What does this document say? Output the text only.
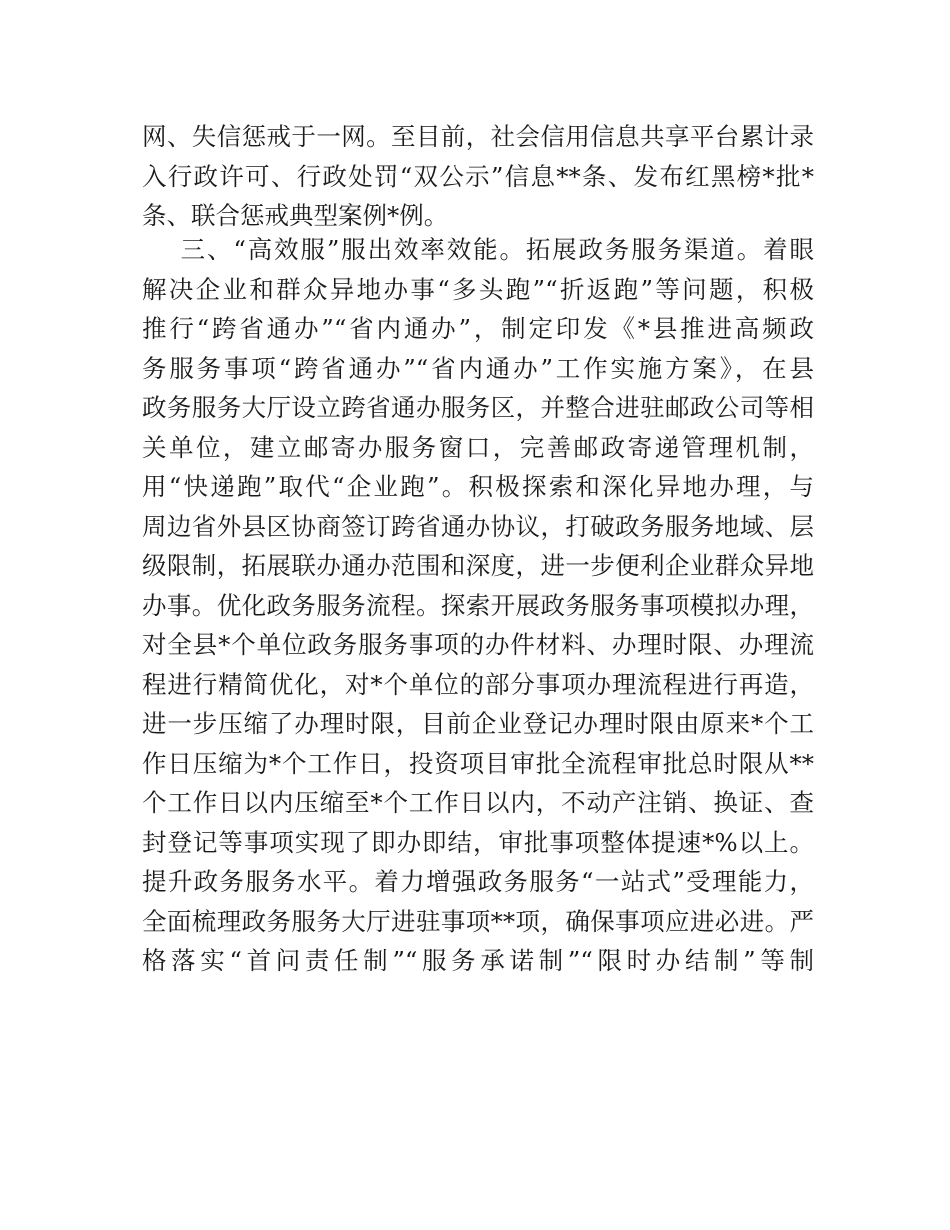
网、失信惩戒于一网。至目前，社会信用信息共享平台累计录
入行政许可、行政处罚“双公示”信息**条、发布红黑榜*批*
条、联合惩戒典型案例*例。
三、“高效服”服出效率效能。拓展政务服务渠道。着眼
解决企业和群众异地办事“多头跑”“折返跑”等问题，积极
推行“跨省通办”“省内通办”，制定印发《*县推进高频政
务服务事项“跨省通办”“省内通办”工作实施方案》，在县
政务服务大厅设立跨省通办服务区，并整合进驻邮政公司等相
关单位，建立邮寄办服务窗口，完善邮政寄递管理机制，
用“快递跑”取代“企业跑”。积极探索和深化异地办理，与
周边省外县区协商签订跨省通办协议，打破政务服务地域、层
级限制，拓展联办通办范围和深度，进一步便利企业群众异地
办事。优化政务服务流程。探索开展政务服务事项模拟办理，
对全县*个单位政务服务事项的办件材料、办理时限、办理流
程进行精简优化，对*个单位的部分事项办理流程进行再造，
进一步压缩了办理时限，目前企业登记办理时限由原来*个工
作日压缩为*个工作日，投资项目审批全流程审批总时限从**
个工作日以内压缩至*个工作日以内，不动产注销、换证、查
封登记等事项实现了即办即结，审批事项整体提速*%以上。
提升政务服务水平。着力增强政务服务“一站式”受理能力，
全面梳理政务服务大厅进驻事项**项，确保事项应进必进。严
格落实“首问责任制”“服务承诺制”“限时办结制”等制
